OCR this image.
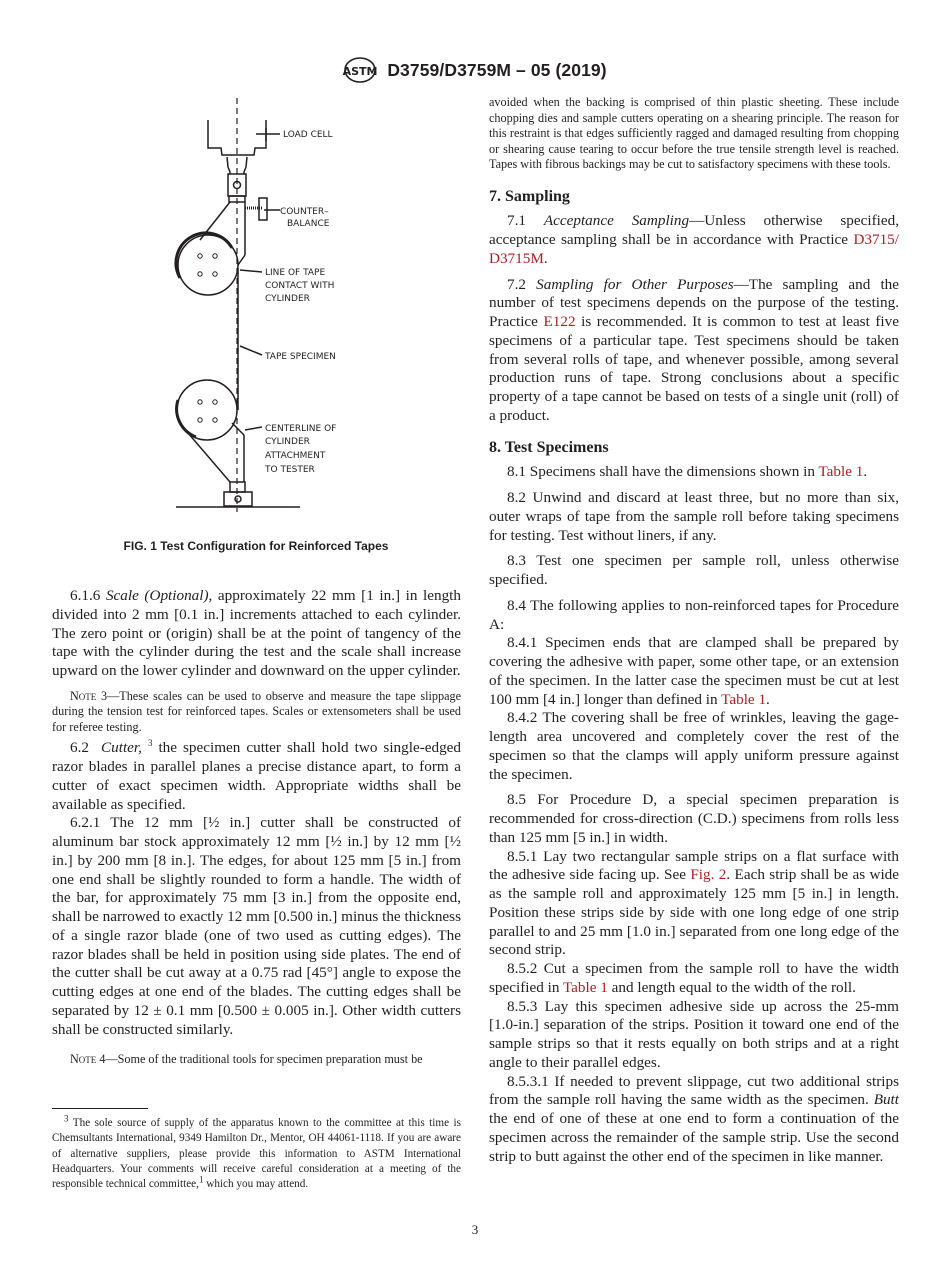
ASTM D3759/D3759M – 05 (2019)
LOAD CELL
COUNTER–
BALANCE
LINE OF TAPE
CONTACT WITH
CYLINDER
TAPE SPECIMEN
CENTERLINE OF
CYLINDER
ATTACHMENT
TO TESTER
FIG. 1 Test Configuration for Reinforced Tapes

6.1.6 Scale (Optional), approximately 22 mm [1 in.] in length divided into 2 mm [0.1 in.] increments attached to each cylinder. The zero point or (origin) shall be at the point of tangency of the tape with the cylinder during the test and the scale shall increase upward on the lower cylinder and downward on the upper cylinder.

Note 3—These scales can be used to observe and measure the tape slippage during the tension test for reinforced tapes. Scales or extensometers shall be used for referee testing.

6.2 Cutter, $^3$ the specimen cutter shall hold two single-edged razor blades in parallel planes a precise distance apart, to form a cutter of exact specimen width. Appropriate widths shall be available as specified.

6.2.1 The 12 mm [½ in.] cutter shall be constructed of aluminum bar stock approximately 12 mm [½ in.] by 12 mm [½ in.] by 200 mm [8 in.]. The edges, for about 125 mm [5 in.] from one end shall be slightly rounded to form a handle. The width of the bar, for approximately 75 mm [3 in.] from the opposite end, shall be narrowed to exactly 12 mm [0.500 in.] minus the thickness of a single razor blade (one of two used as cutting edges). The razor blades shall be held in position using side plates. The end of the cutter shall be cut away at a 0.75 rad [45°] angle to expose the cutting edges at one end of the blades. The cutting edges shall be separated by 12 ± 0.1 mm [0.500 ± 0.005 in.]. Other width cutters shall be constructed similarly.

Note 4—Some of the traditional tools for specimen preparation must be

$^3$ The sole source of supply of the apparatus known to the committee at this time is Chemsultants International, 9349 Hamilton Dr., Mentor, OH 44061-1118. If you are aware of alternative suppliers, please provide this information to ASTM International Headquarters. Your comments will receive careful consideration at a meeting of the responsible technical committee,$^1$ which you may attend.

avoided when the backing is comprised of thin plastic sheeting. These include chopping dies and sample cutters operating on a shearing principle. The reason for this restraint is that edges sufficiently ragged and damaged resulting from chopping or shearing cause tearing to occur before the true tensile strength level is reached. Tapes with fibrous backings may be cut to satisfactory specimens with these tools.

7. Sampling

7.1 Acceptance Sampling—Unless otherwise specified, acceptance sampling shall be in accordance with Practice D3715/ D3715M.

7.2 Sampling for Other Purposes—The sampling and the number of test specimens depends on the purpose of the testing. Practice E122 is recommended. It is common to test at least five specimens of a particular tape. Test specimens should be taken from several rolls of tape, and whenever possible, among several production runs of tape. Strong conclusions about a specific property of a tape cannot be based on tests of a single unit (roll) of a product.

8. Test Specimens

8.1 Specimens shall have the dimensions shown in Table 1.

8.2 Unwind and discard at least three, but no more than six, outer wraps of tape from the sample roll before taking specimens for testing. Test without liners, if any.

8.3 Test one specimen per sample roll, unless otherwise specified.

8.4 The following applies to non-reinforced tapes for Procedure A:

8.4.1 Specimen ends that are clamped shall be prepared by covering the adhesive with paper, some other tape, or an extension of the specimen. In the latter case the specimen must be cut at lest 100 mm [4 in.] longer than defined in Table 1.

8.4.2 The covering shall be free of wrinkles, leaving the gage-length area uncovered and completely cover the rest of the specimen so that the clamps will apply uniform pressure against the specimen.

8.5 For Procedure D, a special specimen preparation is recommended for cross-direction (C.D.) specimens from rolls less than 125 mm [5 in.] in width.

8.5.1 Lay two rectangular sample strips on a flat surface with the adhesive side facing up. See Fig. 2. Each strip shall be as wide as the sample roll and approximately 125 mm [5 in.] in length. Position these strips side by side with one long edge of one strip parallel to and 25 mm [1.0 in.] separated from one long edge of the second strip.

8.5.2 Cut a specimen from the sample roll to have the width specified in Table 1 and length equal to the width of the roll.

8.5.3 Lay this specimen adhesive side up across the 25-mm [1.0-in.] separation of the strips. Position it toward one end of the sample strips so that it rests equally on both strips and at a right angle to their parallel edges.

8.5.3.1 If needed to prevent slippage, cut two additional strips from the sample roll having the same width as the specimen. Butt the end of one of these at one end to form a continuation of the specimen across the remainder of the sample strip. Use the second strip to butt against the other end of the specimen in like manner.

3
